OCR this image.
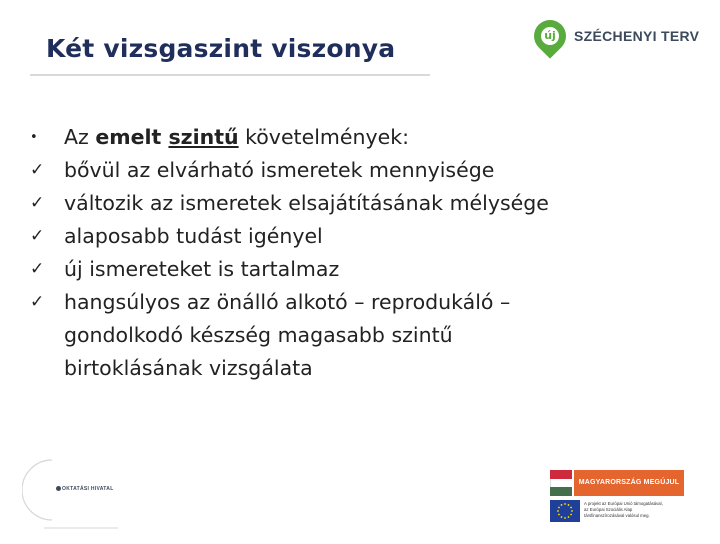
Két vizsgaszint viszonya	új SZÉCHENYI TERV
•	Az emelt szintű követelmények:
✓ bővül az elvárható ismeretek mennyisége
✓ változik az ismeretek elsajátításának mélysége
✓ alaposabb tudást igényel
✓ új ismereteket is tartalmaz
✓ hangsúlyos az önálló alkotó – reprodukáló –
gondolkodó készség magasabb szintű
birtoklásának vizsgálata
OKTATÁSI HIVATAL
MAGYARORSZÁG MEGÚJUL
A projekt az Európai Unió támogatásával,
az Európai Szociális Alap
társfinanszírozásával valósul meg.
